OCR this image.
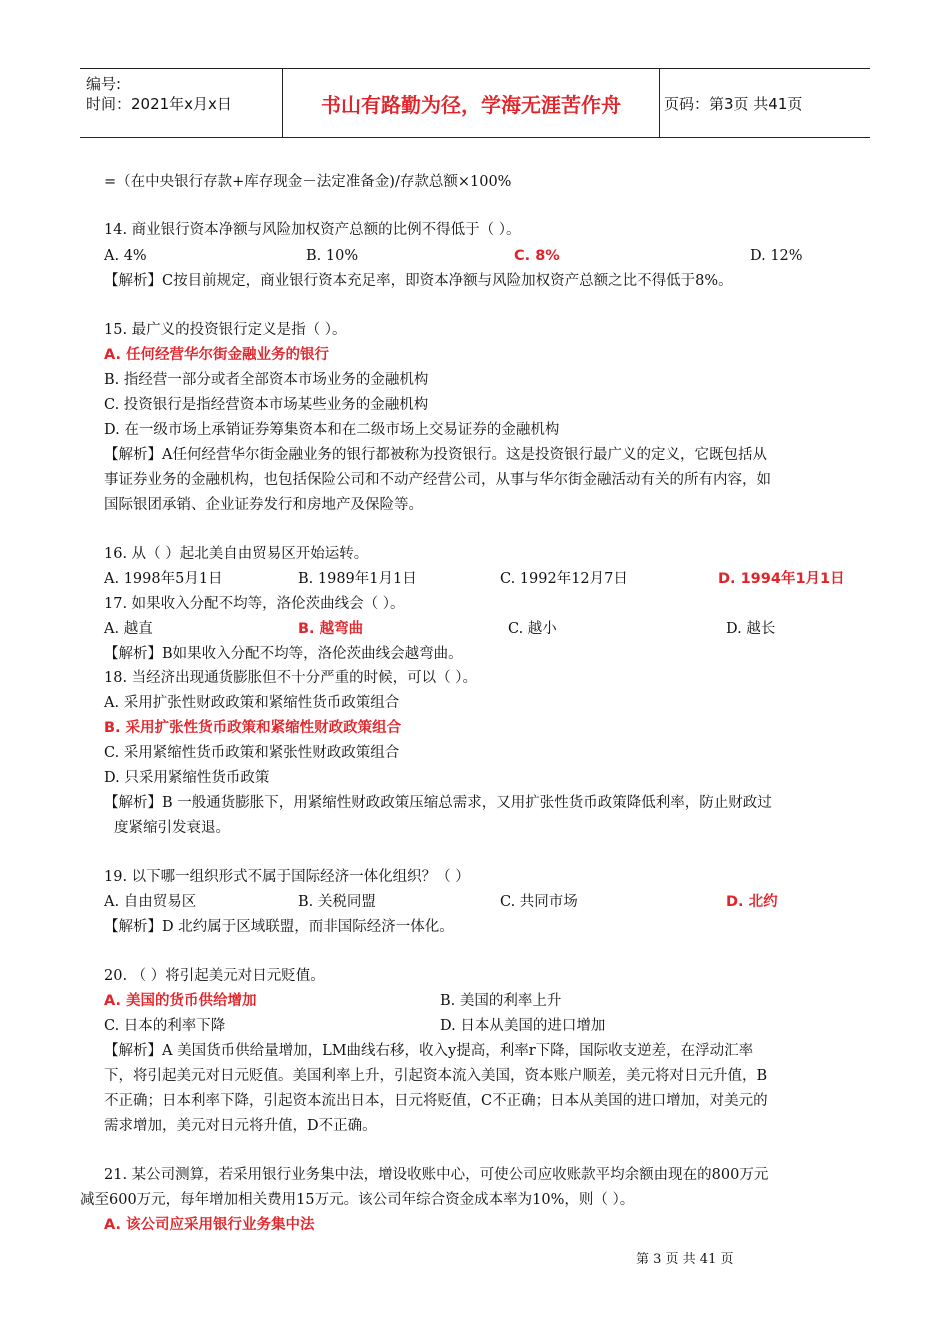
编号:
时间：2021年x月x日	书山有路勤为径，学海无涯苦作舟	页码：第3页 共41页
=（在中央银行存款+库存现金－法定准备金)/存款总额×100%
14. 商业银行资本净额与风险加权资产总额的比例不得低于（ ）。
A. 4%	B. 10%	C. 8%	D. 12%
【解析】C按目前规定，商业银行资本充足率，即资本净额与风险加权资产总额之比不得低于8%。
15. 最广义的投资银行定义是指（ ）。
A. 任何经营华尔街金融业务的银行
B. 指经营一部分或者全部资本市场业务的金融机构
C. 投资银行是指经营资本市场某些业务的金融机构
D. 在一级市场上承销证券筹集资本和在二级市场上交易证券的金融机构
【解析】A任何经营华尔街金融业务的银行都被称为投资银行。这是投资银行最广义的定义，它既包括从
事证券业务的金融机构，也包括保险公司和不动产经营公司，从事与华尔街金融活动有关的所有内容，如
国际银团承销、企业证券发行和房地产及保险等。
16. 从（ ）起北美自由贸易区开始运转。
A. 1998年5月1日	B. 1989年1月1日	C. 1992年12月7日	D. 1994年1月1日
17. 如果收入分配不均等，洛伦茨曲线会（ ）。
A. 越直	B. 越弯曲	C. 越小	D. 越长
【解析】B如果收入分配不均等，洛伦茨曲线会越弯曲。
18. 当经济出现通货膨胀但不十分严重的时候，可以（ ）。
A. 采用扩张性财政政策和紧缩性货币政策组合
B. 采用扩张性货币政策和紧缩性财政政策组合
C. 采用紧缩性货币政策和紧张性财政政策组合
D. 只采用紧缩性货币政策
【解析】B 一般通货膨胀下，用紧缩性财政政策压缩总需求，又用扩张性货币政策降低利率，防止财政过
度紧缩引发衰退。
19. 以下哪一组织形式不属于国际经济一体化组织？（ ）
A. 自由贸易区	B. 关税同盟	C. 共同市场	D. 北约
【解析】D 北约属于区域联盟，而非国际经济一体化。
20. （ ）将引起美元对日元贬值。
A. 美国的货币供给增加	B. 美国的利率上升
C. 日本的利率下降	D. 日本从美国的进口增加
【解析】A 美国货币供给量增加，LM曲线右移，收入y提高，利率r下降，国际收支逆差，在浮动汇率
下，将引起美元对日元贬值。美国利率上升，引起资本流入美国，资本账户顺差，美元将对日元升值，B
不正确；日本利率下降，引起资本流出日本，日元将贬值，C不正确；日本从美国的进口增加，对美元的
需求增加，美元对日元将升值，D不正确。
21. 某公司测算，若采用银行业务集中法，增设收账中心，可使公司应收账款平均余额由现在的800万元
减至600万元，每年增加相关费用15万元。该公司年综合资金成本率为10%，则（ ）。
A. 该公司应采用银行业务集中法
第 3 页 共 41 页
